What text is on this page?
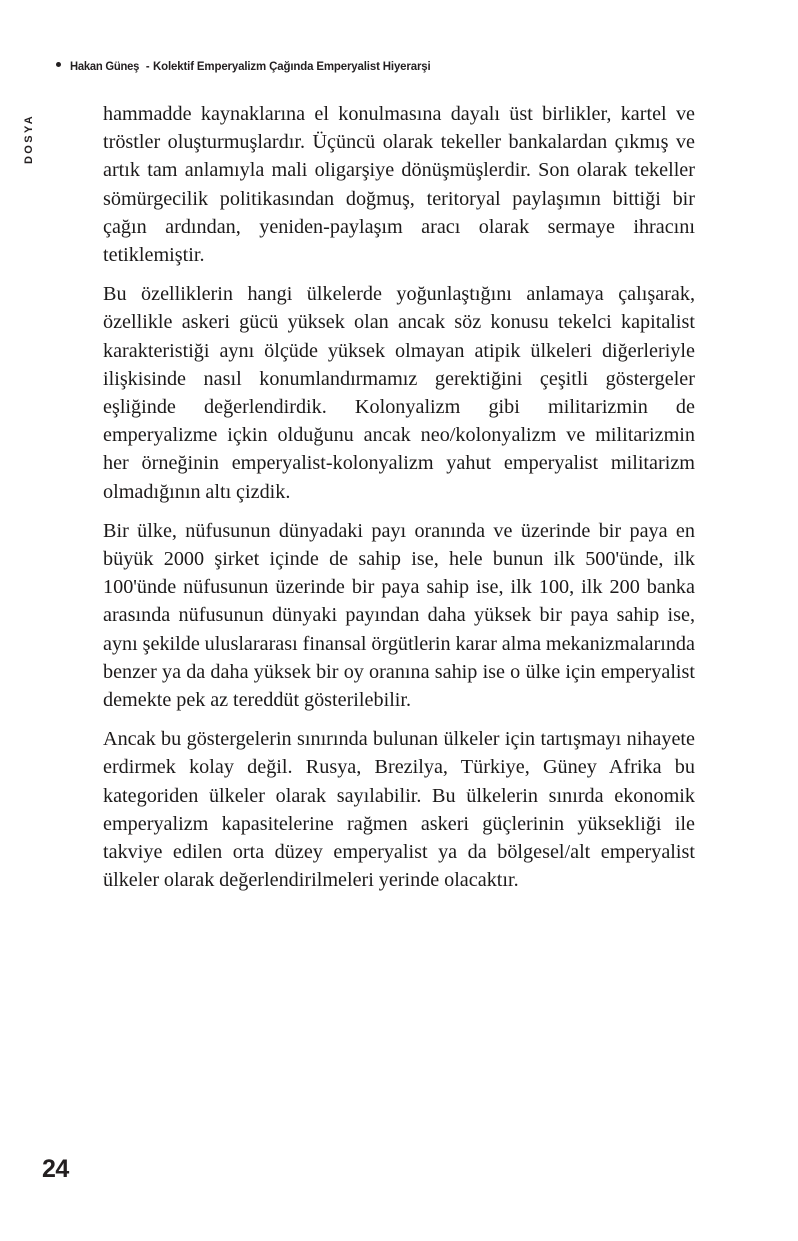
Hakan Güneş - Kolektif Emperyalizm Çağında Emperyalist Hiyerarşi
DOSYA	hammadde kaynaklarına el konulmasına dayalı üst birlikler, kartel ve tröstler oluşturmuşlardır. Üçüncü olarak tekeller bankalardan çıkmış ve artık tam anlamıyla mali oligarşiye dönüşmüşlerdir. Son olarak tekeller sömürgecilik politikasından doğmuş, teritoryal paylaşımın bittiği bir çağın ardından, yeniden-paylaşım aracı olarak sermaye ihracını tetiklemiştir.

Bu özelliklerin hangi ülkelerde yoğunlaştığını anlamaya çalışarak, özellikle askeri gücü yüksek olan ancak söz konusu tekelci kapitalist karakteristiği aynı ölçüde yüksek olmayan atipik ülkeleri diğerleriyle ilişkisinde nasıl konumlandırmamız gerektiğini çeşitli göstergeler eşliğinde değerlendirdik. Kolonyalizm gibi militarizmin de emperyalizme içkin olduğunu ancak neo/kolonyalizm ve militarizmin her örneğinin emperyalist-kolonyalizm yahut emperyalist militarizm olmadığının altı çizdik.

Bir ülke, nüfusunun dünyadaki payı oranında ve üzerinde bir paya en büyük 2000 şirket içinde de sahip ise, hele bunun ilk 500'ünde, ilk 100'ünde nüfusunun üzerinde bir paya sahip ise, ilk 100, ilk 200 banka arasında nüfusunun dünyaki payından daha yüksek bir paya sahip ise, aynı şekilde uluslararası finansal örgütlerin karar alma mekanizmalarında benzer ya da daha yüksek bir oy oranına sahip ise o ülke için emperyalist demekte pek az tereddüt gösterilebilir.

Ancak bu göstergelerin sınırında bulunan ülkeler için tartışmayı nihayete erdirmek kolay değil. Rusya, Brezilya, Türkiye, Güney Afrika bu kategoriden ülkeler olarak sayılabilir. Bu ülkelerin sınırda ekonomik emperyalizm kapasitelerine rağmen askeri güçlerinin yüksekliği ile takviye edilen orta düzey emperyalist ya da bölgesel/alt emperyalist ülkeler olarak değerlendirilmeleri yerinde olacaktır.

24
